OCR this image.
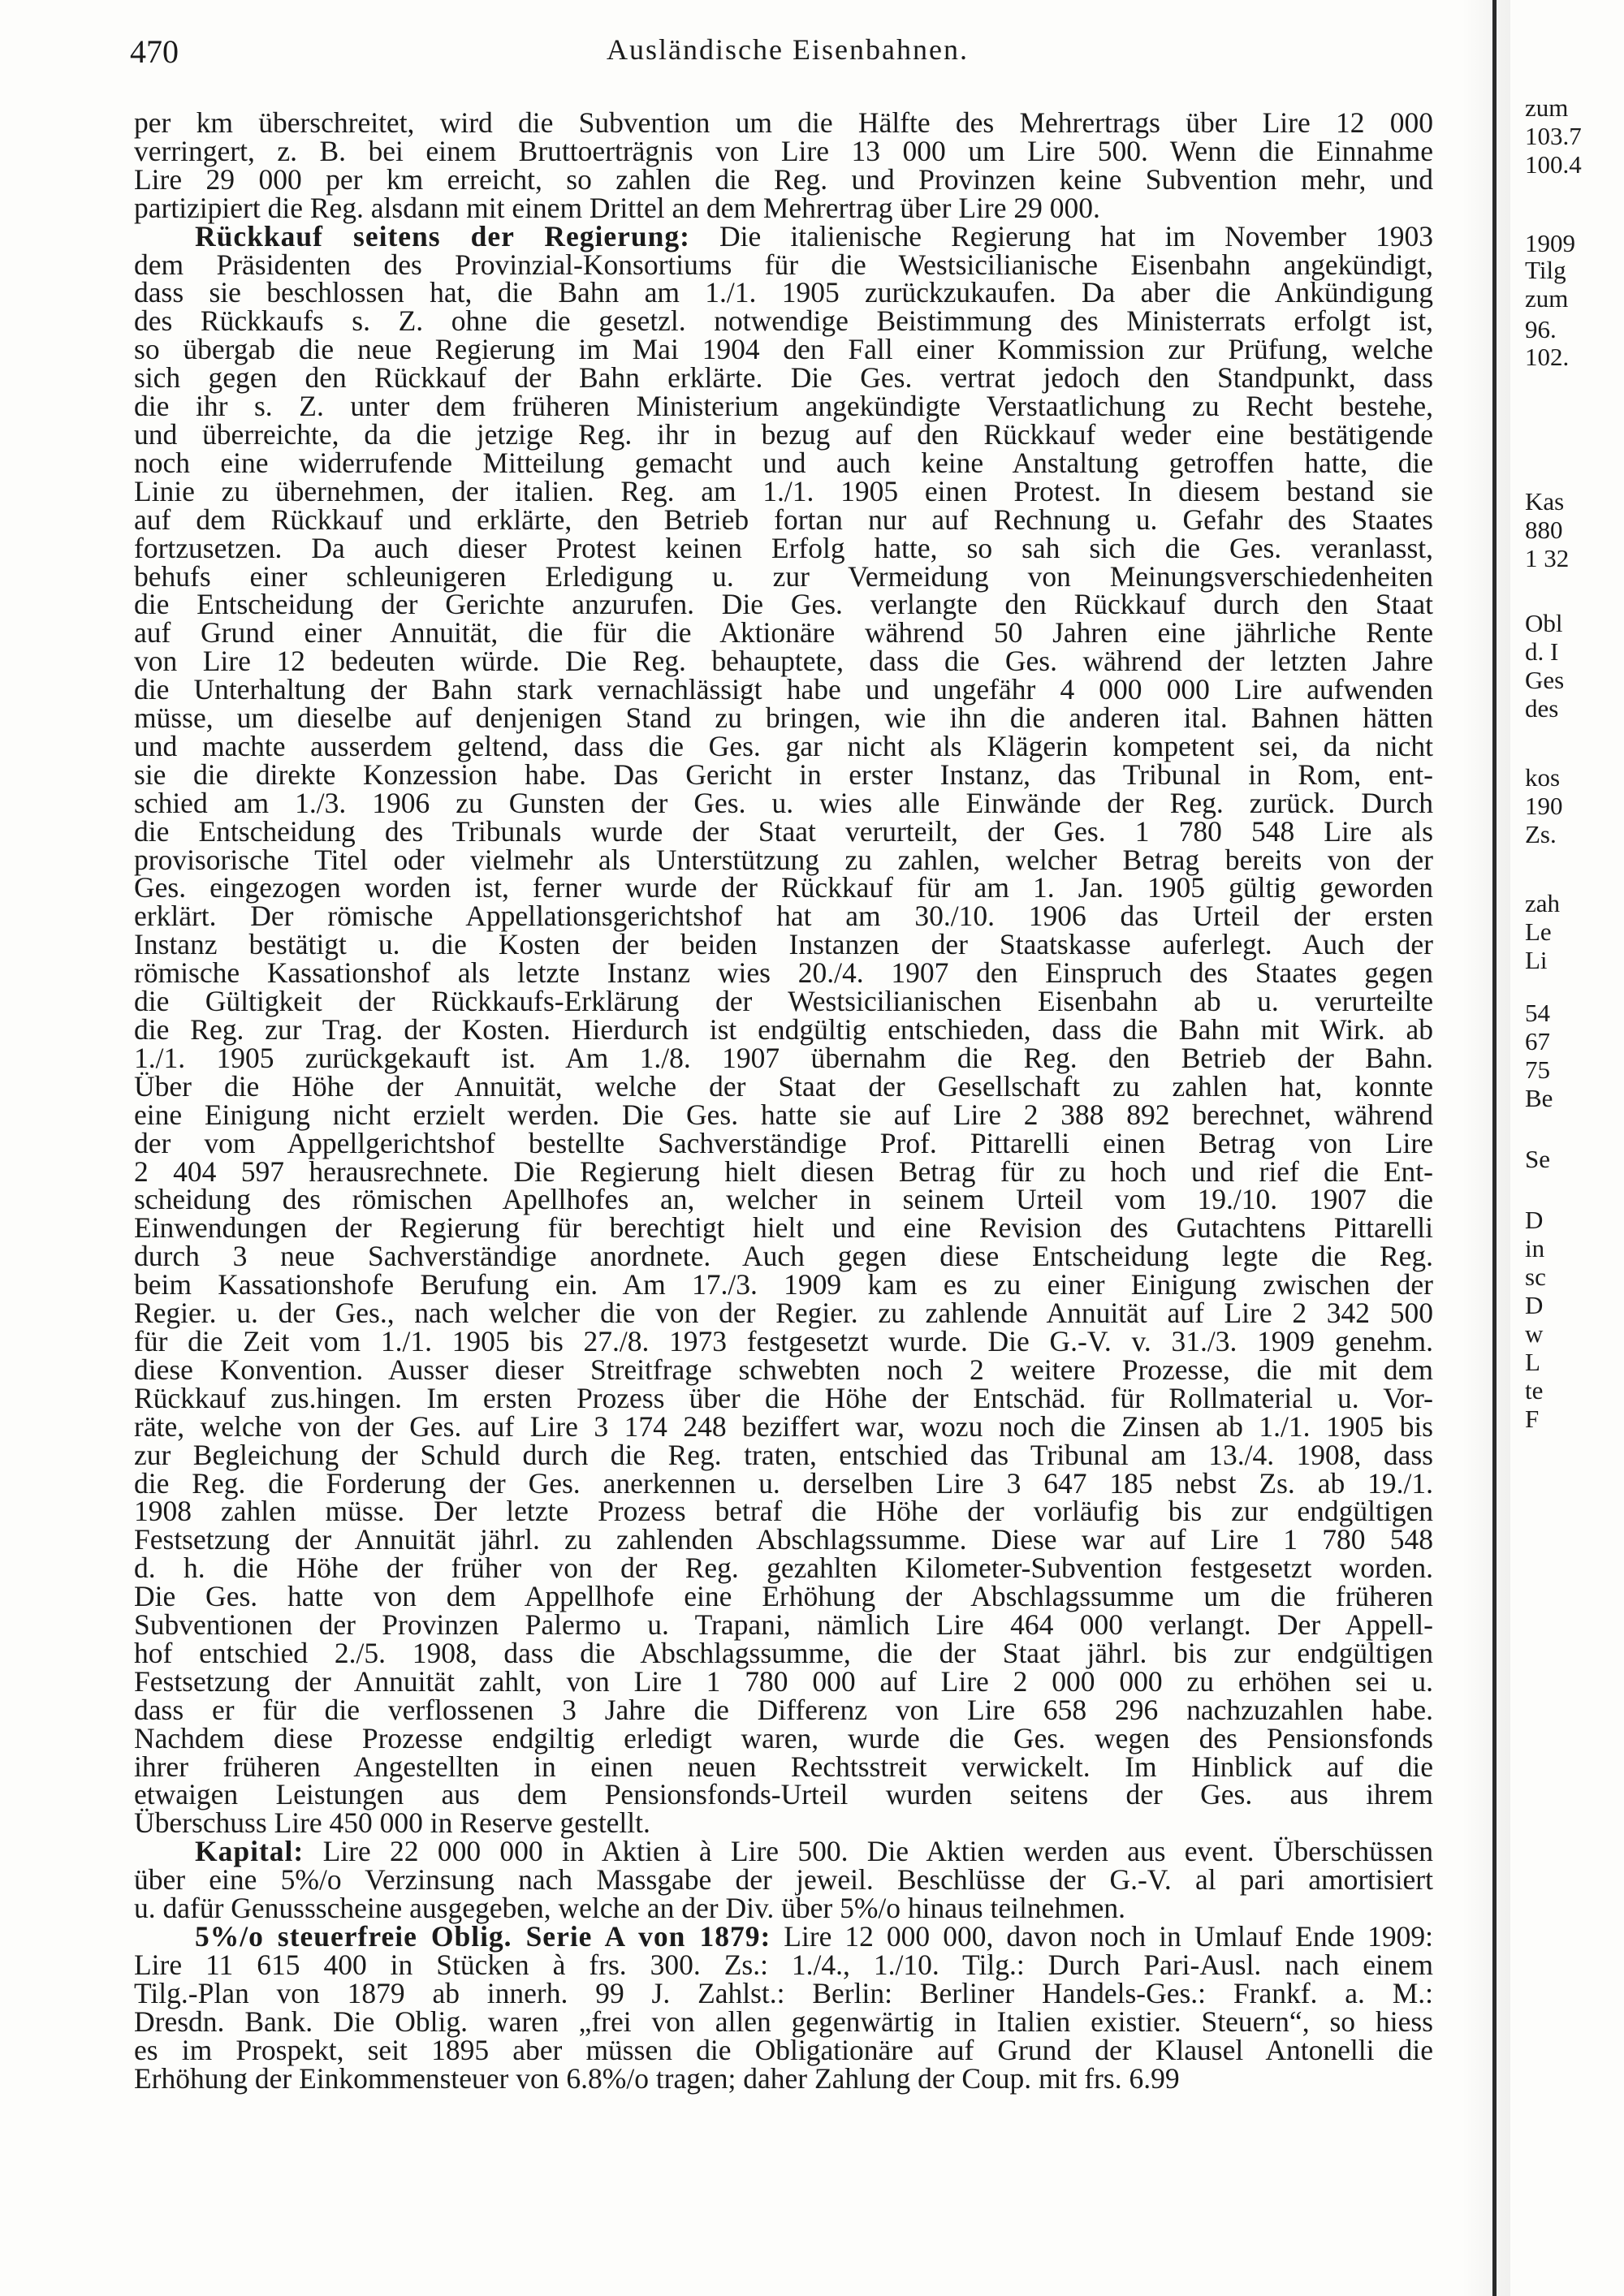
470	Ausländische Eisenbahnen.

per km überschreitet, wird die Subvention um die Hälfte des Mehrertrags über Lire 12 000

verringert, z. B. bei einem Bruttoerträgnis von Lire 13 000 um Lire 500. Wenn die Einnahme

Lire 29 000 per km erreicht, so zahlen die Reg. und Provinzen keine Subvention mehr, und

partizipiert die Reg. alsdann mit einem Drittel an dem Mehrertrag über Lire 29 000.

Rückkauf seitens der Regierung: Die italienische Regierung hat im November 1903

dem Präsidenten des Provinzial-Konsortiums für die Westsicilianische Eisenbahn angekündigt,

dass sie beschlossen hat, die Bahn am 1./1. 1905 zurückzukaufen. Da aber die Ankündigung

des Rückkaufs s. Z. ohne die gesetzl. notwendige Beistimmung des Ministerrats erfolgt ist,

so übergab die neue Regierung im Mai 1904 den Fall einer Kommission zur Prüfung, welche

sich gegen den Rückkauf der Bahn erklärte. Die Ges. vertrat jedoch den Standpunkt, dass

die ihr s. Z. unter dem früheren Ministerium angekündigte Verstaatlichung zu Recht bestehe,

und überreichte, da die jetzige Reg. ihr in bezug auf den Rückkauf weder eine bestätigende

noch eine widerrufende Mitteilung gemacht und auch keine Anstaltung getroffen hatte, die

Linie zu übernehmen, der italien. Reg. am 1./1. 1905 einen Protest. In diesem bestand sie

auf dem Rückkauf und erklärte, den Betrieb fortan nur auf Rechnung u. Gefahr des Staates

fortzusetzen. Da auch dieser Protest keinen Erfolg hatte, so sah sich die Ges. veranlasst,

behufs einer schleunigeren Erledigung u. zur Vermeidung von Meinungsverschiedenheiten

die Entscheidung der Gerichte anzurufen. Die Ges. verlangte den Rückkauf durch den Staat

auf Grund einer Annuität, die für die Aktionäre während 50 Jahren eine jährliche Rente

von Lire 12 bedeuten würde. Die Reg. behauptete, dass die Ges. während der letzten Jahre

die Unterhaltung der Bahn stark vernachlässigt habe und ungefähr 4 000 000 Lire aufwenden

müsse, um dieselbe auf denjenigen Stand zu bringen, wie ihn die anderen ital. Bahnen hätten

und machte ausserdem geltend, dass die Ges. gar nicht als Klägerin kompetent sei, da nicht

sie die direkte Konzession habe. Das Gericht in erster Instanz, das Tribunal in Rom, ent-

schied am 1./3. 1906 zu Gunsten der Ges. u. wies alle Einwände der Reg. zurück. Durch

die Entscheidung des Tribunals wurde der Staat verurteilt, der Ges. 1 780 548 Lire als

provisorische Titel oder vielmehr als Unterstützung zu zahlen, welcher Betrag bereits von der

Ges. eingezogen worden ist, ferner wurde der Rückkauf für am 1. Jan. 1905 gültig geworden

erklärt. Der römische Appellationsgerichtshof hat am 30./10. 1906 das Urteil der ersten

Instanz bestätigt u. die Kosten der beiden Instanzen der Staatskasse auferlegt. Auch der

römische Kassationshof als letzte Instanz wies 20./4. 1907 den Einspruch des Staates gegen

die Gültigkeit der Rückkaufs-Erklärung der Westsicilianischen Eisenbahn ab u. verurteilte

die Reg. zur Trag. der Kosten. Hierdurch ist endgültig entschieden, dass die Bahn mit Wirk. ab

1./1. 1905 zurückgekauft ist. Am 1./8. 1907 übernahm die Reg. den Betrieb der Bahn.

Über die Höhe der Annuität, welche der Staat der Gesellschaft zu zahlen hat, konnte

eine Einigung nicht erzielt werden. Die Ges. hatte sie auf Lire 2 388 892 berechnet, während

der vom Appellgerichtshof bestellte Sachverständige Prof. Pittarelli einen Betrag von Lire

2 404 597 herausrechnete. Die Regierung hielt diesen Betrag für zu hoch und rief die Ent-

scheidung des römischen Apellhofes an, welcher in seinem Urteil vom 19./10. 1907 die

Einwendungen der Regierung für berechtigt hielt und eine Revision des Gutachtens Pittarelli

durch 3 neue Sachverständige anordnete. Auch gegen diese Entscheidung legte die Reg.

beim Kassationshofe Berufung ein. Am 17./3. 1909 kam es zu einer Einigung zwischen der

Regier. u. der Ges., nach welcher die von der Regier. zu zahlende Annuität auf Lire 2 342 500

für die Zeit vom 1./1. 1905 bis 27./8. 1973 festgesetzt wurde. Die G.-V. v. 31./3. 1909 genehm.

diese Konvention. Ausser dieser Streitfrage schwebten noch 2 weitere Prozesse, die mit dem

Rückkauf zus.hingen. Im ersten Prozess über die Höhe der Entschäd. für Rollmaterial u. Vor-

räte, welche von der Ges. auf Lire 3 174 248 beziffert war, wozu noch die Zinsen ab 1./1. 1905 bis

zur Begleichung der Schuld durch die Reg. traten, entschied das Tribunal am 13./4. 1908, dass

die Reg. die Forderung der Ges. anerkennen u. derselben Lire 3 647 185 nebst Zs. ab 19./1.

1908 zahlen müsse. Der letzte Prozess betraf die Höhe der vorläufig bis zur endgültigen

Festsetzung der Annuität jährl. zu zahlenden Abschlagssumme. Diese war auf Lire 1 780 548

d. h. die Höhe der früher von der Reg. gezahlten Kilometer-Subvention festgesetzt worden.

Die Ges. hatte von dem Appellhofe eine Erhöhung der Abschlagssumme um die früheren

Subventionen der Provinzen Palermo u. Trapani, nämlich Lire 464 000 verlangt. Der Appell-

hof entschied 2./5. 1908, dass die Abschlagssumme, die der Staat jährl. bis zur endgültigen

Festsetzung der Annuität zahlt, von Lire 1 780 000 auf Lire 2 000 000 zu erhöhen sei u.

dass er für die verflossenen 3 Jahre die Differenz von Lire 658 296 nachzuzahlen habe.

Nachdem diese Prozesse endgiltig erledigt waren, wurde die Ges. wegen des Pensionsfonds

ihrer früheren Angestellten in einen neuen Rechtsstreit verwickelt. Im Hinblick auf die

etwaigen Leistungen aus dem Pensionsfonds-Urteil wurden seitens der Ges. aus ihrem

Überschuss Lire 450 000 in Reserve gestellt.

Kapital: Lire 22 000 000 in Aktien à Lire 500. Die Aktien werden aus event. Überschüssen

über eine 5%/o Verzinsung nach Massgabe der jeweil. Beschlüsse der G.-V. al pari amortisiert

u. dafür Genussscheine ausgegeben, welche an der Div. über 5%/o hinaus teilnehmen.

5%/o steuerfreie Oblig. Serie A von 1879: Lire 12 000 000, davon noch in Umlauf Ende 1909:

Lire 11 615 400 in Stücken à frs. 300. Zs.: 1./4., 1./10. Tilg.: Durch Pari-Ausl. nach einem

Tilg.-Plan von 1879 ab innerh. 99 J. Zahlst.: Berlin: Berliner Handels-Ges.: Frankf. a. M.:

Dresdn. Bank. Die Oblig. waren „frei von allen gegenwärtig in Italien existier. Steuern“, so hiess

es im Prospekt, seit 1895 aber müssen die Obligationäre auf Grund der Klausel Antonelli die

Erhöhung der Einkommensteuer von 6.8%/o tragen; daher Zahlung der Coup. mit frs. 6.99

zum
103.7
100.4
1909
Tilg
zum
96.
102.
Kas
880
1 32
Obl
d. I
Ges
des
kos
190
Zs.
zah
Le
Li
54
67
75
Be
Se
D
in
sc
D
w
L
te
F
